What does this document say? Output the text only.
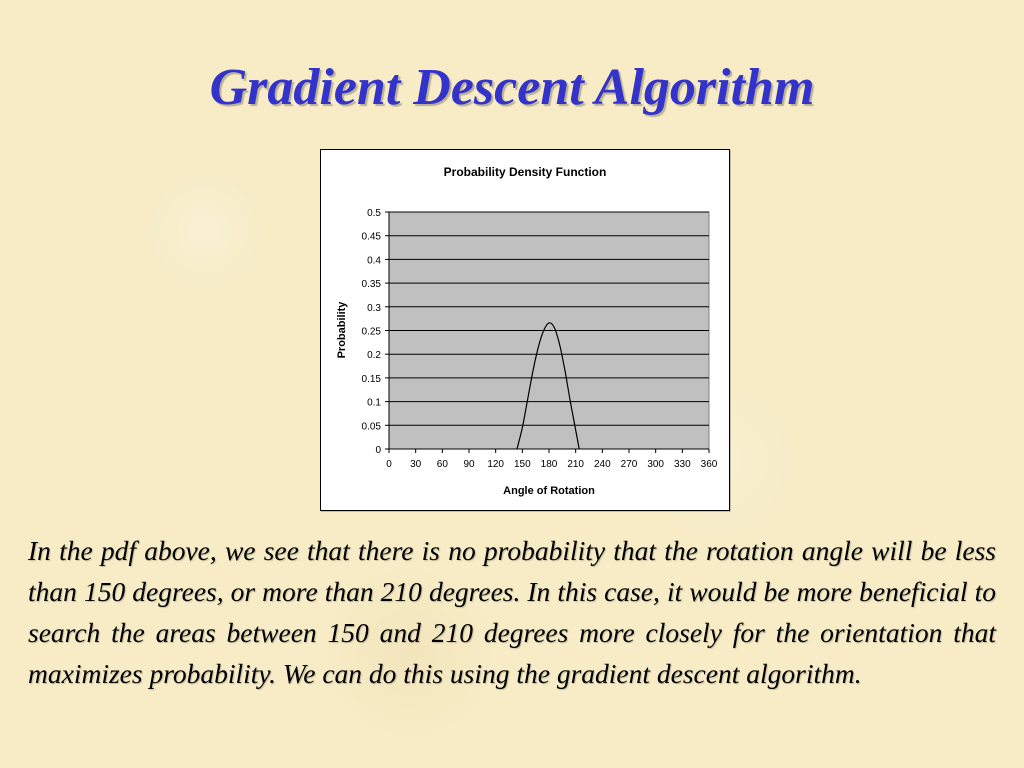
Gradient Descent Algorithm
Probability Density Function
Angle of Rotation
Probability
0
0.05
0.1
0.15
0.2
0.25
0.3
0.35
0.4
0.45
0.5
0 30 60 90 120 150 180 210 240 270 300 330 360
In the pdf above, we see that there is no probability that the rotation angle will be less than 150 degrees, or more than 210 degrees. In this case, it would be more beneficial to search the areas between 150 and 210 degrees more closely for the orientation that maximizes probability. We can do this using the gradient descent algorithm.
